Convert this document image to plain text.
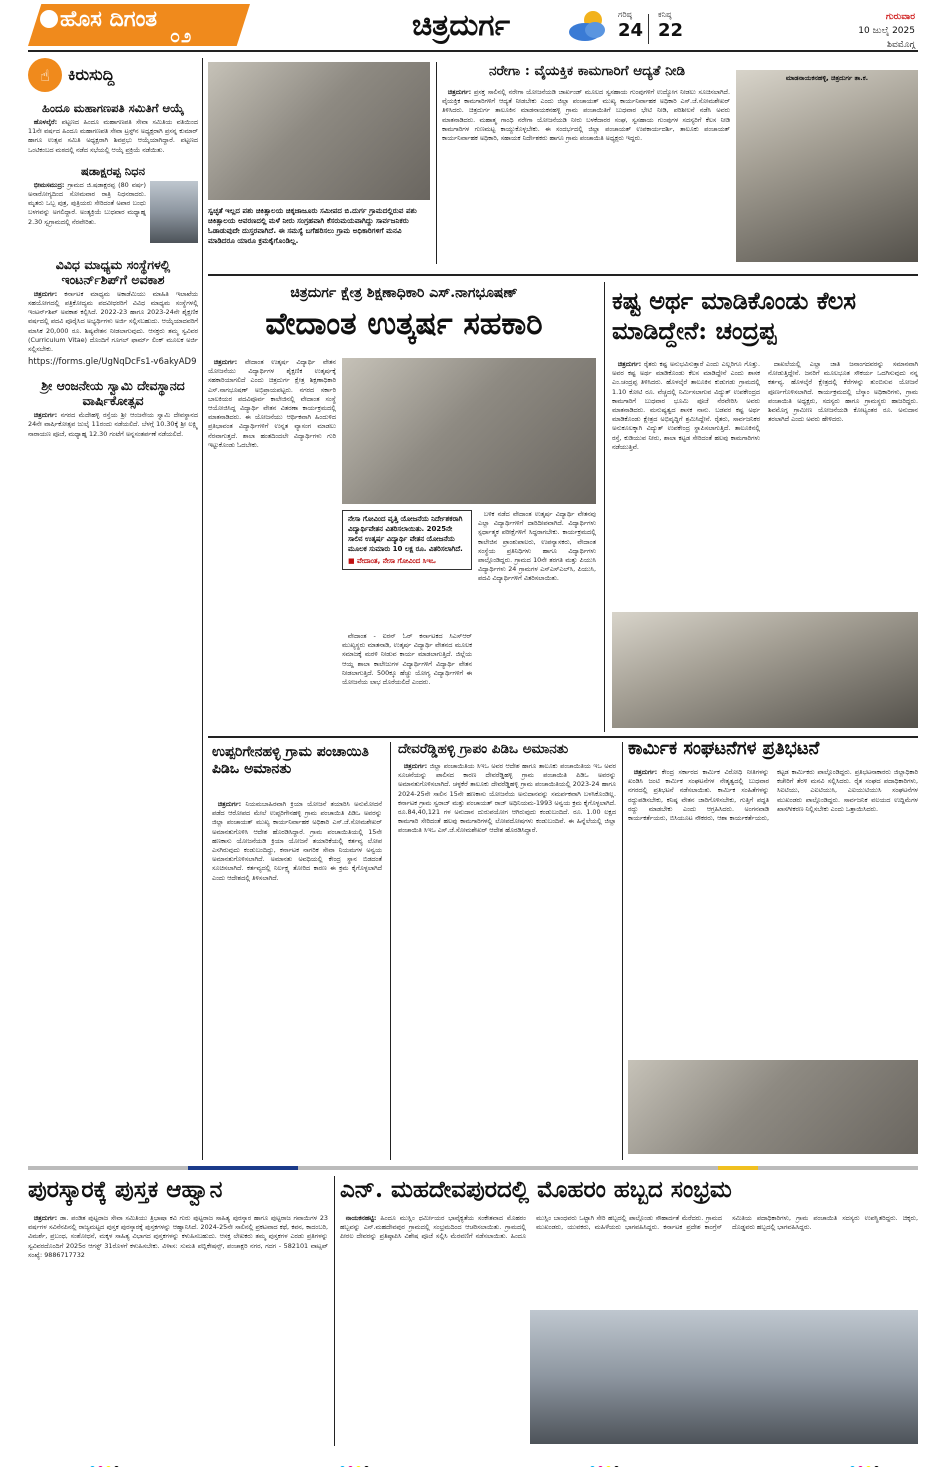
ಹೊಸ ದಿಗಂತ
೦೨	ಚಿತ್ರದುರ್ಗ	ಗರಿಷ್ಠ
24
ಕನಿಷ್ಠ
22
ಗುರುವಾರ
10 ಜುಲೈ 2025
ಶಿವಮೊಗ್ಗ
☝	ಕಿರುಸುದ್ದಿ
ಹಿಂದೂ ಮಹಾಗಣಪತಿ ಸಮಿತಿಗೆ ಆಯ್ಕೆ

ಹೊಳಲ್ಕೆರೆ: ಪಟ್ಟಣದ ಹಿಂದೂ ಮಹಾಗಣಪತಿ ಸೇವಾ ಸಮಿತಿಯ ವತಿಯಿಂದ 11ನೇ ವರ್ಷದ ಹಿಂದೂ ಮಹಾಗಣಪತಿ ಸೇವಾ ಟ್ರಸ್ಟ್‌ನ ಅಧ್ಯಕ್ಷರಾಗಿ ಪ್ರಸನ್ನ ಕುಮಾರ್ ಹಾಗೂ ಉತ್ಸವ ಸಮಿತಿ ಅಧ್ಯಕ್ಷರಾಗಿ ಶಿವಪ್ರಭು ಆಯ್ಕೆಯಾಗಿದ್ದಾರೆ. ಪಟ್ಟಣದ ಒಂಟಿಕಂಬದ ಮಠದಲ್ಲಿ ನಡೆದ ಸಭೆಯಲ್ಲಿ ಆಯ್ಕೆ ಪ್ರಕ್ರಿಯೆ ನಡೆಯಿತು.

ಷಡಾಕ್ಷರಪ್ಪ ನಿಧನ

ಭೀಮಸಮುದ್ರ: ಗ್ರಾಮದ ಜಿ.ಷಡಾಕ್ಷರಪ್ಪ (80 ವರ್ಷ) ಅನಾರೋಗ್ಯದಿಂದ ಸೋಮವಾರ ರಾತ್ರಿ ನಿಧನರಾದರು. ಮೃತರು ಒಬ್ಬ ಪುತ್ರ, ಪುತ್ರಿಯರು ಸೇರಿದಂತೆ ಅಪಾರ ಬಂಧು ಬಳಗವನ್ನು ಅಗಲಿದ್ದಾರೆ. ಅಂತ್ಯಕ್ರಿಯೆ ಬುಧವಾರ ಮಧ್ಯಾಹ್ನ 2.30 ಸ್ವಗ್ರಾಮದಲ್ಲಿ ನೆರವೇರಿತು.

ವಿವಿಧ ಮಾಧ್ಯಮ ಸಂಸ್ಥೆಗಳಲ್ಲಿ ಇಂಟರ್ನ್‌ಶಿಪ್‌ಗೆ ಅವಕಾಶ

ಚಿತ್ರದುರ್ಗ: ಕರ್ನಾಟಕ ಮಾಧ್ಯಮ ಅಕಾಡೆಮಿಯು ಮಾಹಿತಿ ಇಲಾಖೆಯ ಸಹಯೋಗದಲ್ಲಿ ಪತ್ರಿಕೋದ್ಯಮ ಪದವೀಧರರಿಗೆ ವಿವಿಧ ಮಾಧ್ಯಮ ಸಂಸ್ಥೆಗಳಲ್ಲಿ ಇಂಟರ್ನ್‌ಶಿಪ್ ಅವಕಾಶ ಕಲ್ಪಿಸಿದೆ. 2022-23 ಹಾಗೂ 2023-24ನೇ ಶೈಕ್ಷಣಿಕ ವರ್ಷದಲ್ಲಿ ಪದವಿ ಪೂರೈಸಿದ ಅಭ್ಯರ್ಥಿಗಳು ಅರ್ಜಿ ಸಲ್ಲಿಸಬಹುದು. ಆಯ್ಕೆಯಾದವರಿಗೆ ಮಾಸಿಕ 20,000 ರೂ. ಶಿಷ್ಯವೇತನ ನೀಡಲಾಗುವುದು. ಆಸಕ್ತರು ತಮ್ಮ ಸ್ವವಿವರ (Curriculum Vitae) ದೊಂದಿಗೆ ಗೂಗಲ್ ಫಾರ್ಮ್ ಲಿಂಕ್ ಮೂಲಕ ಅರ್ಜಿ ಸಲ್ಲಿಸಬೇಕು.

https://forms.gle/UgNqDcFs1-v6akyAD9

ಶ್ರೀ ಆಂಜನೇಯ ಸ್ವಾಮಿ ದೇವಸ್ಥಾನದ ವಾರ್ಷಿಕೋತ್ಸವ

ಚಿತ್ರದುರ್ಗ: ನಗರದ ಮೆದೇಹಳ್ಳಿ ರಸ್ತೆಯ ಶ್ರೀ ಆಂಜನೇಯ ಸ್ವಾಮಿ ದೇವಸ್ಥಾನದ 24ನೇ ವಾರ್ಷಿಕೋತ್ಸವ ಜುಲೈ 11ರಂದು ನಡೆಯಲಿದೆ. ಬೆಳಗ್ಗೆ 10.30ಕ್ಕೆ ಶ್ರೀ ಲಕ್ಷ್ಮಿ ನಾರಾಯಣ ಪೂಜೆ, ಮಧ್ಯಾಹ್ನ 12.30 ಗಂಟೆಗೆ ಅನ್ನಸಂತರ್ಪಣೆ ನಡೆಯಲಿದೆ.

ಸ್ವಚ್ಛತೆ ಇಲ್ಲದ ಪಶು ಚಿಕಿತ್ಸಾಲಯ ಚಿಕ್ಕಜಾಜೂರು ಸಮೀಪದ ಬಿ.ದುರ್ಗ ಗ್ರಾಮದಲ್ಲಿರುವ ಪಶು ಚಿಕಿತ್ಸಾಲಯ ಆವರಣದಲ್ಲಿ ಮಳೆ ನೀರು ಸಂಗ್ರಹವಾಗಿ ಕೆಸರುಮಯವಾಗಿದ್ದು ಸಾರ್ವಜನಿಕರು ಓಡಾಡುವುದೇ ದುಸ್ತರವಾಗಿದೆ. ಈ ಸಮಸ್ಯೆ ಬಗೆಹರಿಸಲು ಗ್ರಾಮ ಅಧಿಕಾರಿಗಳಿಗೆ ಮನವಿ ಮಾಡಿದರೂ ಯಾರೂ ಕ್ರಮಕೈಗೊಂಡಿಲ್ಲ.
ನರೇಗಾ : ವೈಯಕ್ತಿಕ ಕಾಮಗಾರಿಗೆ ಆದ್ಯತೆ ನೀಡಿ

ಚಿತ್ರದುರ್ಗ: ಪ್ರಸಕ್ತ ಸಾಲಿನಲ್ಲಿ ನರೇಗಾ ಯೋಜನೆಯಡಿ ಜಾರ್ಖಂಡ್ ಮೂಲದ ಸ್ವಸಹಾಯ ಗುಂಪುಗಳಿಗೆ ಉದ್ಯೋಗ ನೀಡಲು ಸೂಚಿಸಲಾಗಿದೆ. ವೈಯಕ್ತಿಕ ಕಾಮಗಾರಿಗಳಿಗೆ ಆದ್ಯತೆ ನೀಡಬೇಕು ಎಂದು ಜಿಲ್ಲಾ ಪಂಚಾಯತ್ ಮುಖ್ಯ ಕಾರ್ಯನಿರ್ವಾಹಕ ಅಧಿಕಾರಿ ಎಸ್.ಜೆ.ಸೋಮಶೇಖರ್ ತಿಳಿಸಿದರು. ಚಿತ್ರದುರ್ಗ ತಾಲೂಕಿನ ಮಾಡನಾಯಕನಹಳ್ಳಿ ಗ್ರಾಮ ಪಂಚಾಯಿತಿಗೆ ಬುಧವಾರ ಭೇಟಿ ನೀಡಿ, ಪರಿಶೀಲನೆ ನಡೆಸಿ ಅವರು ಮಾತನಾಡಿದರು. ಮಹಾತ್ಮ ಗಾಂಧಿ ನರೇಗಾ ಯೋಜನೆಯಡಿ ನೀರು ಬಳಕೆದಾರರ ಸಂಘ, ಸ್ವಸಹಾಯ ಗುಂಪುಗಳ ಸದಸ್ಯರಿಗೆ ಕೆಲಸ ನೀಡಿ ಕಾಮಗಾರಿಗಳ ಗುಣಮಟ್ಟ ಕಾಯ್ದುಕೊಳ್ಳಬೇಕು. ಈ ಸಂದರ್ಭದಲ್ಲಿ ಜಿಲ್ಲಾ ಪಂಚಾಯತ್ ಉಪಕಾರ್ಯದರ್ಶಿ, ತಾಲೂಕು ಪಂಚಾಯತ್ ಕಾರ್ಯನಿರ್ವಾಹಕ ಅಧಿಕಾರಿ, ಸಹಾಯಕ ನಿರ್ದೇಶಕರು ಹಾಗೂ ಗ್ರಾಮ ಪಂಚಾಯಿತಿ ಅಧ್ಯಕ್ಷರು ಇದ್ದರು.

ಮಾಡನಾಯಕನಹಳ್ಳಿ, ಚಿತ್ರದುರ್ಗ ತಾ.ಕ.
ಚಿತ್ರದುರ್ಗ ಕ್ಷೇತ್ರ ಶಿಕ್ಷಣಾಧಿಕಾರಿ ಎಸ್.ನಾಗಭೂಷಣ್
ವೇದಾಂತ ಉತ್ಕರ್ಷ ಸಹಕಾರಿ

ಚಿತ್ರದುರ್ಗ: ವೇದಾಂತ ಉತ್ಕರ್ಷ ವಿದ್ಯಾರ್ಥಿ ವೇತನ ಯೋಜನೆಯು ವಿದ್ಯಾರ್ಥಿಗಳ ಶೈಕ್ಷಣಿಕ ಉತ್ಕರ್ಷಕ್ಕೆ ಸಹಕಾರಿಯಾಗಲಿದೆ ಎಂದು ಚಿತ್ರದುರ್ಗ ಕ್ಷೇತ್ರ ಶಿಕ್ಷಣಾಧಿಕಾರಿ ಎಸ್.ನಾಗಭೂಷಣ್ ಅಭಿಪ್ರಾಯಪಟ್ಟರು. ನಗರದ ಸರ್ಕಾರಿ ಬಾಲಕಿಯರ ಪದವಿಪೂರ್ವ ಕಾಲೇಜಿನಲ್ಲಿ ವೇದಾಂತ ಸಂಸ್ಥೆ ಆಯೋಜಿಸಿದ್ದ ವಿದ್ಯಾರ್ಥಿ ವೇತನ ವಿತರಣಾ ಕಾರ್ಯಕ್ರಮದಲ್ಲಿ ಮಾತನಾಡಿದರು. ಈ ಯೋಜನೆಯು ಆರ್ಥಿಕವಾಗಿ ಹಿಂದುಳಿದ ಪ್ರತಿಭಾವಂತ ವಿದ್ಯಾರ್ಥಿಗಳಿಗೆ ಉನ್ನತ ವ್ಯಾಸಂಗ ಮಾಡಲು ನೆರವಾಗುತ್ತದೆ. ಶಾಲಾ ಹಂತದಿಂದಲೇ ವಿದ್ಯಾರ್ಥಿಗಳು ಗುರಿ ಇಟ್ಟುಕೊಂಡು ಓದಬೇಕು.

ನೇಸಾ ಗೋವಿಂದ ವೃತ್ತಿ ಯೋಜನೆಯ ನಿರ್ದೇಶಕರಾಗಿ ವಿದ್ಯಾರ್ಥಿವೇತನ ವಿತರಿಸಲಾಯಿತು. 2025ನೇ ಸಾಲಿನ ಉತ್ಕರ್ಷ ವಿದ್ಯಾರ್ಥಿ ವೇತನ ಯೋಜನೆಯ ಮೂಲಕ ಸುಮಾರು 10 ಲಕ್ಷ ರೂ. ವಿತರಿಸಲಾಗಿದೆ.
■ ವೇದಾಂತ, ನೇಸಾ ಗೋವಿಂದ ಸಿಇಒ

ವೇದಾಂತ - ಐರನ್ ಓರ್ ಕರ್ನಾಟಕದ ಸಿಎಸ್ಆರ್ ಮುಖ್ಯಸ್ಥರು ಮಾತನಾಡಿ, ಉತ್ಕರ್ಷ ವಿದ್ಯಾರ್ಥಿ ವೇತನದ ಮೂಲಕ ಸಮಾಜಕ್ಕೆ ಮರಳಿ ನೀಡುವ ಕಾರ್ಯ ಮಾಡಲಾಗುತ್ತಿದೆ. ಜಿಲ್ಲೆಯ ಆಯ್ದ ಶಾಲಾ ಕಾಲೇಜುಗಳ ವಿದ್ಯಾರ್ಥಿಗಳಿಗೆ ವಿದ್ಯಾರ್ಥಿ ವೇತನ ನೀಡಲಾಗುತ್ತಿದೆ. 500ಕ್ಕೂ ಹೆಚ್ಚು ಯೋಗ್ಯ ವಿದ್ಯಾರ್ಥಿಗಳಿಗೆ ಈ ಯೋಜನೆಯ ಲಾಭ ದೊರೆಯಲಿದೆ ಎಂದರು.

ಬಳಿಕ ನಡೆದ ವೇದಾಂತ ಉತ್ಕರ್ಷ ವಿದ್ಯಾರ್ಥಿ ವೇತನವು ಎಲ್ಲಾ ವಿದ್ಯಾರ್ಥಿಗಳಿಗೆ ದಾರಿದೀಪವಾಗಿದೆ. ವಿದ್ಯಾರ್ಥಿಗಳು ಸ್ಪರ್ಧಾತ್ಮಕ ಪರೀಕ್ಷೆಗಳಿಗೆ ಸಿದ್ಧರಾಗಬೇಕು. ಕಾರ್ಯಕ್ರಮದಲ್ಲಿ ಕಾಲೇಜಿನ ಪ್ರಾಂಶುಪಾಲರು, ಉಪನ್ಯಾಸಕರು, ವೇದಾಂತ ಸಂಸ್ಥೆಯ ಪ್ರತಿನಿಧಿಗಳು ಹಾಗೂ ವಿದ್ಯಾರ್ಥಿಗಳು ಪಾಲ್ಗೊಂಡಿದ್ದರು. ಗ್ರಾಮದ 10ನೇ ತರಗತಿ ಮತ್ತು ಪಿಯುಸಿ ವಿದ್ಯಾರ್ಥಿಗಳು 24 ಗ್ರಾಮಗಳ ಎಸ್ಎಸ್ಎಲ್‌ಸಿ, ಪಿಯುಸಿ, ಪದವಿ ವಿದ್ಯಾರ್ಥಿಗಳಿಗೆ ವಿತರಿಸಲಾಯಿತು.

ಕಷ್ಟ ಅರ್ಥ ಮಾಡಿಕೊಂಡು ಕೆಲಸ ಮಾಡಿದ್ದೇನೆ: ಚಂದ್ರಪ್ಪ

ಚಿತ್ರದುರ್ಗ: ರೈತರು ಕಷ್ಟ ಅನುಭವಿಸುತ್ತಾರೆ ಎಂದು ಎಲ್ಲರಿಗೂ ಗೊತ್ತು. ಅವರ ಕಷ್ಟ ಅರ್ಥ ಮಾಡಿಕೊಂಡು ಕೆಲಸ ಮಾಡಿದ್ದೇನೆ ಎಂದು ಶಾಸಕ ಎಂ.ಚಂದ್ರಪ್ಪ ತಿಳಿಸಿದರು. ಹೊಳಲ್ಕೆರೆ ತಾಲೂಕಿನ ಕುಡುಗಡು ಗ್ರಾಮದಲ್ಲಿ 1.10 ಕೋಟಿ ರೂ. ವೆಚ್ಚದಲ್ಲಿ ನಿರ್ಮಿಸಲಾಗುವ ವಿದ್ಯುತ್ ಉಪಕೇಂದ್ರದ ಕಾಮಗಾರಿಗೆ ಬುಧವಾರ ಭೂಮಿ ಪೂಜೆ ನೆರವೇರಿಸಿ ಅವರು ಮಾತನಾಡಿದರು. ಮನುಷ್ಯತ್ವದ ಶಾಸಕ ನಾನು. ಬಡವರ ಕಷ್ಟ ಅರ್ಥ ಮಾಡಿಕೊಂಡು ಕ್ಷೇತ್ರದ ಅಭಿವೃದ್ಧಿಗೆ ಶ್ರಮಿಸಿದ್ದೇನೆ. ರೈತರು, ಸಾರ್ವಜನಿಕರ ಅನುಕೂಲಕ್ಕಾಗಿ ವಿದ್ಯುತ್ ಉಪಕೇಂದ್ರ ಸ್ಥಾಪಿಸಲಾಗುತ್ತಿದೆ. ತಾಲೂಕಿನಲ್ಲಿ ರಸ್ತೆ, ಕುಡಿಯುವ ನೀರು, ಶಾಲಾ ಕಟ್ಟಡ ಸೇರಿದಂತೆ ಹಲವು ಕಾಮಗಾರಿಗಳು ನಡೆಯುತ್ತಿವೆ.

ದಾಖಲೆಯಲ್ಲಿ ಎಲ್ಲಾ ಜಾತಿ ಜನಾಂಗದವರನ್ನು ಸಮಾನವಾಗಿ ನೋಡುತ್ತಿದ್ದೇನೆ. ಜನರಿಗೆ ಮೂಲಭೂತ ಸೌಕರ್ಯ ಒದಗಿಸುವುದು ನನ್ನ ಕರ್ತವ್ಯ. ಹೊಳಲ್ಕೆರೆ ಕ್ಷೇತ್ರದಲ್ಲಿ ಕೆರೆಗಳನ್ನು ತುಂಬಿಸುವ ಯೋಜನೆ ಪೂರ್ಣಗೊಳಿಸಲಾಗಿದೆ. ಕಾರ್ಯಕ್ರಮದಲ್ಲಿ ಬೆಸ್ಕಾಂ ಅಧಿಕಾರಿಗಳು, ಗ್ರಾಮ ಪಂಚಾಯಿತಿ ಅಧ್ಯಕ್ಷರು, ಸದಸ್ಯರು ಹಾಗೂ ಗ್ರಾಮಸ್ಥರು ಹಾಜರಿದ್ದರು. ಶಿವಮೊಗ್ಗ ಗ್ರಾಮೀಣ ಯೋಜನೆಯಡಿ ಕೋಟ್ಯಂತರ ರೂ. ಅನುದಾನ ತರಲಾಗಿದೆ ಎಂದು ಅವರು ಹೇಳಿದರು.

ಉಪ್ಪರಿಗೇನಹಳ್ಳಿ ಗ್ರಾಮ ಪಂಚಾಯಿತಿ ಪಿಡಿಒ ಅಮಾನತು

ಚಿತ್ರದುರ್ಗ: ನಿಯಮಬಾಹಿರವಾಗಿ ಕ್ರಿಯಾ ಯೋಜನೆ ತಯಾರಿಸಿ ಅನುಮೋದನೆ ಪಡೆದ ಆರೋಪದ ಮೇಲೆ ಉಪ್ಪರಿಗೇನಹಳ್ಳಿ ಗ್ರಾಮ ಪಂಚಾಯಿತಿ ಪಿಡಿಒ ಅವರನ್ನು ಜಿಲ್ಲಾ ಪಂಚಾಯತ್ ಮುಖ್ಯ ಕಾರ್ಯನಿರ್ವಾಹಕ ಅಧಿಕಾರಿ ಎಸ್.ಜೆ.ಸೋಮಶೇಖರ್ ಅಮಾನತುಗೊಳಿಸಿ ಆದೇಶ ಹೊರಡಿಸಿದ್ದಾರೆ. ಗ್ರಾಮ ಪಂಚಾಯಿತಿಯಲ್ಲಿ 15ನೇ ಹಣಕಾಸು ಯೋಜನೆಯಡಿ ಕ್ರಿಯಾ ಯೋಜನೆ ತಯಾರಿಕೆಯಲ್ಲಿ ಕರ್ತವ್ಯ ಲೋಪ ಎಸಗಿರುವುದು ಕಂಡುಬಂದಿದ್ದು, ಕರ್ನಾಟಕ ನಾಗರಿಕ ಸೇವಾ ನಿಯಮಗಳ ಅನ್ವಯ ಅಮಾನತುಗೊಳಿಸಲಾಗಿದೆ. ಅಮಾನತು ಅವಧಿಯಲ್ಲಿ ಕೇಂದ್ರ ಸ್ಥಾನ ಬಿಡದಂತೆ ಸೂಚಿಸಲಾಗಿದೆ. ಕರ್ತವ್ಯದಲ್ಲಿ ನಿರ್ಲಕ್ಷ್ಯ ತೋರಿದ ಕಾರಣ ಈ ಕ್ರಮ ಕೈಗೊಳ್ಳಲಾಗಿದೆ ಎಂದು ಆದೇಶದಲ್ಲಿ ತಿಳಿಸಲಾಗಿದೆ.

ದೇವರೆಡ್ಡಿಹಳ್ಳಿ ಗ್ರಾಪಂ ಪಿಡಿಒ ಅಮಾನತು

ಚಿತ್ರದುರ್ಗ: ಜಿಲ್ಲಾ ಪಂಚಾಯಿತಿಯ ಸಿಇಒ ಅವರ ಆದೇಶ ಹಾಗೂ ತಾಲೂಕು ಪಂಚಾಯಿತಿಯ ಇಒ ಅವರ ಸೂಚನೆಯನ್ನು ಪಾಲಿಸದ ಕಾರಣ ದೇವರೆಡ್ಡಿಹಳ್ಳಿ ಗ್ರಾಮ ಪಂಚಾಯಿತಿ ಪಿಡಿಒ ಅವರನ್ನು ಅಮಾನತುಗೊಳಿಸಲಾಗಿದೆ. ಚಳ್ಳಕೆರೆ ತಾಲೂಕು ದೇವರೆಡ್ಡಿಹಳ್ಳಿ ಗ್ರಾಮ ಪಂಚಾಯಿತಿಯಲ್ಲಿ 2023-24 ಹಾಗೂ 2024-25ನೇ ಸಾಲಿನ 15ನೇ ಹಣಕಾಸು ಯೋಜನೆಯ ಅನುದಾನವನ್ನು ಸಮರ್ಪಕವಾಗಿ ಬಳಸಿಕೊಂಡಿಲ್ಲ. ಕರ್ನಾಟಕ ಗ್ರಾಮ ಸ್ವರಾಜ್ ಮತ್ತು ಪಂಚಾಯತ್ ರಾಜ್ ಅಧಿನಿಯಮ-1993 ಅನ್ವಯ ಕ್ರಮ ಕೈಗೊಳ್ಳಲಾಗಿದೆ. ರೂ.84,40,121 ಗಳ ಅನುದಾನ ದುರುಪಯೋಗ ಆಗಿರುವುದು ಕಂಡುಬಂದಿದೆ. ರೂ. 1.00 ಲಕ್ಷದ ಕಾಮಗಾರಿ ಸೇರಿದಂತೆ ಹಲವು ಕಾಮಗಾರಿಗಳಲ್ಲಿ ಲೋಪದೋಷಗಳು ಕಂಡುಬಂದಿವೆ. ಈ ಹಿನ್ನೆಲೆಯಲ್ಲಿ ಜಿಲ್ಲಾ ಪಂಚಾಯಿತಿ ಸಿಇಒ ಎಸ್.ಜೆ.ಸೋಮಶೇಖರ್ ಆದೇಶ ಹೊರಡಿಸಿದ್ದಾರೆ.

ಕಾರ್ಮಿಕ ಸಂಘಟನೆಗಳ ಪ್ರತಿಭಟನೆ

ಚಿತ್ರದುರ್ಗ: ಕೇಂದ್ರ ಸರ್ಕಾರದ ಕಾರ್ಮಿಕ ವಿರೋಧಿ ನೀತಿಗಳನ್ನು ಖಂಡಿಸಿ ಜಂಟಿ ಕಾರ್ಮಿಕ ಸಂಘಟನೆಗಳ ನೇತೃತ್ವದಲ್ಲಿ ಬುಧವಾರ ನಗರದಲ್ಲಿ ಪ್ರತಿಭಟನೆ ನಡೆಸಲಾಯಿತು. ಕಾರ್ಮಿಕ ಸಂಹಿತೆಗಳನ್ನು ರದ್ದುಪಡಿಸಬೇಕು, ಕನಿಷ್ಠ ವೇತನ ಜಾರಿಗೊಳಿಸಬೇಕು, ಗುತ್ತಿಗೆ ಪದ್ಧತಿ ರದ್ದು ಮಾಡಬೇಕು ಎಂದು ಆಗ್ರಹಿಸಿದರು. ಅಂಗನವಾಡಿ ಕಾರ್ಯಕರ್ತೆಯರು, ಬಿಸಿಯೂಟ ನೌಕರರು, ಆಶಾ ಕಾರ್ಯಕರ್ತೆಯರು, ಕಟ್ಟಡ ಕಾರ್ಮಿಕರು ಪಾಲ್ಗೊಂಡಿದ್ದರು. ಪ್ರತಿಭಟನಾಕಾರರು ಜಿಲ್ಲಾಧಿಕಾರಿ ಕಚೇರಿಗೆ ತೆರಳಿ ಮನವಿ ಸಲ್ಲಿಸಿದರು. ರೈತ ಸಂಘದ ಪದಾಧಿಕಾರಿಗಳು, ಸಿಐಟಿಯು, ಎಐಟಿಯುಸಿ, ಎಐಯುಟಿಯುಸಿ ಸಂಘಟನೆಗಳ ಮುಖಂಡರು ಪಾಲ್ಗೊಂಡಿದ್ದರು. ಸಾರ್ವಜನಿಕ ವಲಯದ ಉದ್ದಿಮೆಗಳ ಖಾಸಗೀಕರಣ ನಿಲ್ಲಿಸಬೇಕು ಎಂದು ಒತ್ತಾಯಿಸಿದರು.

ಪುರಸ್ಕಾರಕ್ಕೆ ಪುಸ್ತಕ ಆಹ್ವಾನ

ಚಿತ್ರದುರ್ಗ: ಡಾ. ಪಂಡಿತ ಪುಟ್ಟರಾಜ ಸೇವಾ ಸಮಿತಿಯು ತ್ರಿಭಾಷಾ ಕವಿ ಗುರು ಪುಟ್ಟರಾಜ ಸಾಹಿತ್ಯ ಪುರಸ್ಕಾರ ಹಾಗೂ ಪುಟ್ಟರಾಜ ಗವಾಯಿಗಳ 23 ವರ್ಷಗಳ ಸವಿನೆನಪಿನಲ್ಲಿ ರಾಜ್ಯಮಟ್ಟದ ಪುಸ್ತಕ ಪುರಸ್ಕಾರಕ್ಕೆ ಪುಸ್ತಕಗಳನ್ನು ಆಹ್ವಾನಿಸಿದೆ. 2024-25ನೇ ಸಾಲಿನಲ್ಲಿ ಪ್ರಕಟವಾದ ಕಥೆ, ಕವನ, ಕಾದಂಬರಿ, ವಿಮರ್ಶೆ, ಪ್ರಬಂಧ, ಸಂಶೋಧನೆ, ಮಕ್ಕಳ ಸಾಹಿತ್ಯ ವಿಭಾಗದ ಪುಸ್ತಕಗಳನ್ನು ಕಳುಹಿಸಬಹುದು. ಆಸಕ್ತ ಲೇಖಕರು ತಮ್ಮ ಪುಸ್ತಕಗಳ ಎರಡು ಪ್ರತಿಗಳನ್ನು ಸ್ವವಿವರದೊಂದಿಗೆ 2025ರ ಆಗಸ್ಟ್ 31ರೊಳಗೆ ಕಳುಹಿಸಬೇಕು. ವಿಳಾಸ: ಸುಮತಿ ಪಬ್ಲಿಕೇಷನ್ಸ್, ಪಂಚಾಕ್ಷರಿ ನಗರ, ಗದಗ - 582101 ವಾಟ್ಸಪ್ ಸಂಖ್ಯೆ: 9886717732

ಎನ್. ಮಹದೇವಪುರದಲ್ಲಿ ಮೊಹರಂ ಹಬ್ಬದ ಸಂಭ್ರಮ

ನಾಯಕನಹಟ್ಟಿ: ಹಿಂದೂ ಮುಸ್ಲಿಂ ಧರ್ಮೀಯರ ಭಾವೈಕ್ಯತೆಯ ಸಂಕೇತವಾದ ಮೊಹರಂ ಹಬ್ಬವನ್ನು ಎನ್.ಮಹದೇವಪುರ ಗ್ರಾಮದಲ್ಲಿ ಸಂಭ್ರಮದಿಂದ ಆಚರಿಸಲಾಯಿತು. ಗ್ರಾಮದಲ್ಲಿ ಪೀರಲ ದೇವರನ್ನು ಪ್ರತಿಷ್ಠಾಪಿಸಿ ವಿಶೇಷ ಪೂಜೆ ಸಲ್ಲಿಸಿ ಮೆರವಣಿಗೆ ನಡೆಸಲಾಯಿತು. ಹಿಂದೂ ಮುಸ್ಲಿಂ ಬಾಂಧವರು ಒಟ್ಟಾಗಿ ಸೇರಿ ಹಬ್ಬದಲ್ಲಿ ಪಾಲ್ಗೊಂಡು ಸೌಹಾರ್ದತೆ ಮೆರೆದರು. ಗ್ರಾಮದ ಮುಖಂಡರು, ಯುವಕರು, ಮಹಿಳೆಯರು ಭಾಗವಹಿಸಿದ್ದರು. ಕರ್ನಾಟಕ ಪ್ರದೇಶ ಕಾಂಗ್ರೆಸ್ ಸಮಿತಿಯ ಪದಾಧಿಕಾರಿಗಳು, ಗ್ರಾಮ ಪಂಚಾಯಿತಿ ಸದಸ್ಯರು ಉಪಸ್ಥಿತರಿದ್ದರು. ಚಿಕ್ಕರು, ದೊಡ್ಡವರು ಹಬ್ಬದಲ್ಲಿ ಭಾಗವಹಿಸಿದ್ದರು.
